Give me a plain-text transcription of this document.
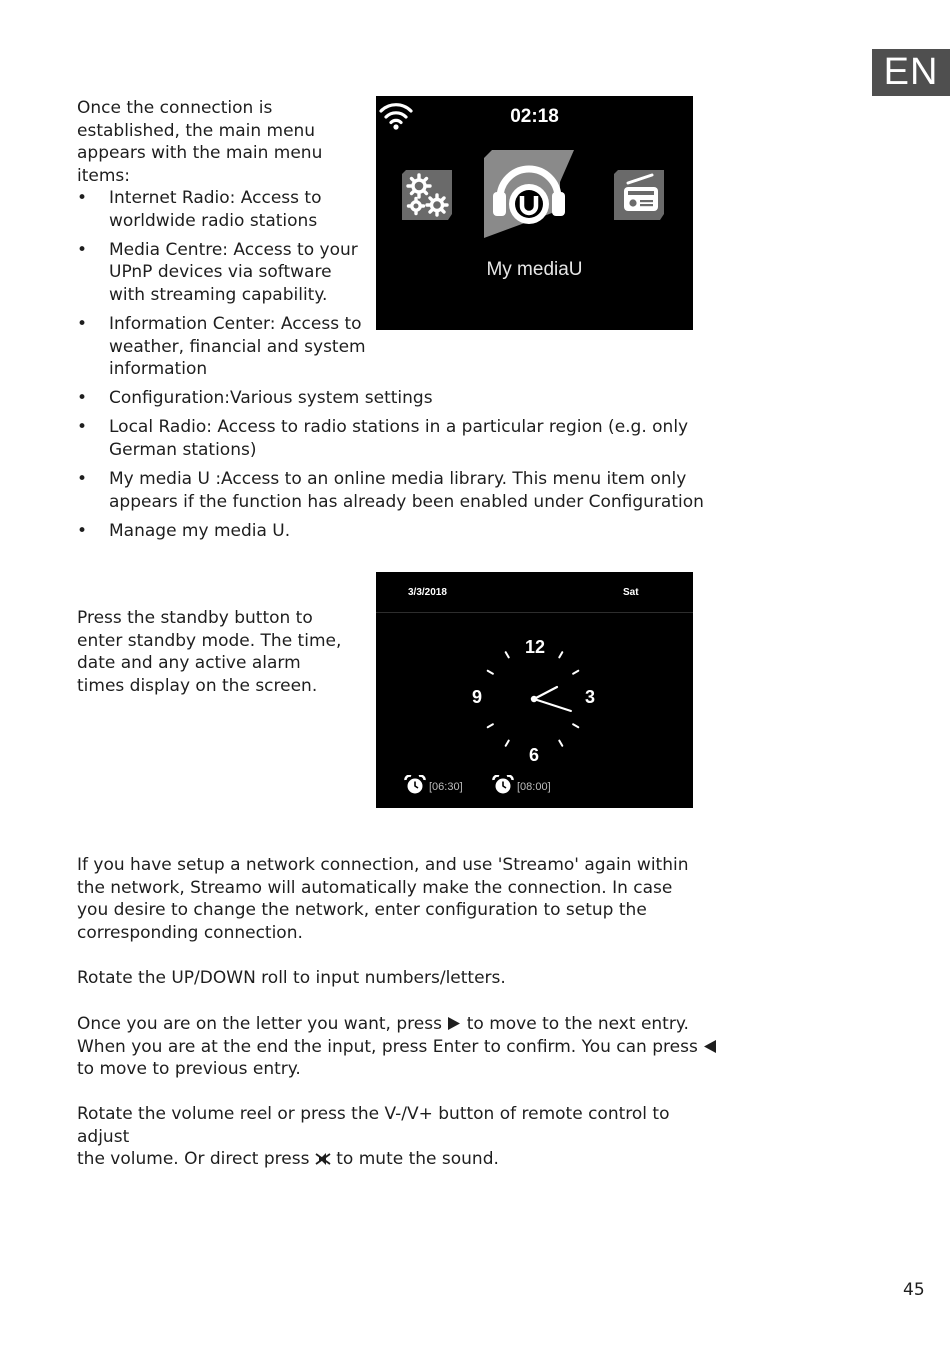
EN

Once the connection is established, the main menu appears with the main menu items:

• Internet Radio: Access to worldwide radio stations
• Media Centre: Access to your UPnP devices via software with streaming capability.
• Information Center: Access to weather, financial and system information
• Configuration:Various system settings
• Local Radio: Access to radio stations in a particular region (e.g. only German stations)
• My media U :Access to an online media library. This menu item only appears if the function has already been enabled under Configuration
• Manage my media U.
02:18
My mediaU

Press the standby button to enter standby mode. The time, date and any active alarm times display on the screen.

3/3/2018	Sat
12
3
6
9
[06:30]	[08:00]

If you have setup a network connection, and use 'Streamo' again within the network, Streamo will automatically make the connection. In case you desire to change the network, enter configuration to setup the corresponding connection.

Rotate the UP/DOWN roll to input numbers/letters.

Once you are on the letter you want, press to move to the next entry.
When you are at the end the input, press Enter to confirm. You can press
to move to previous entry.

Rotate the volume reel or press the V-/V+ button of remote control to adjust
the volume. Or direct press to mute the sound.

45
